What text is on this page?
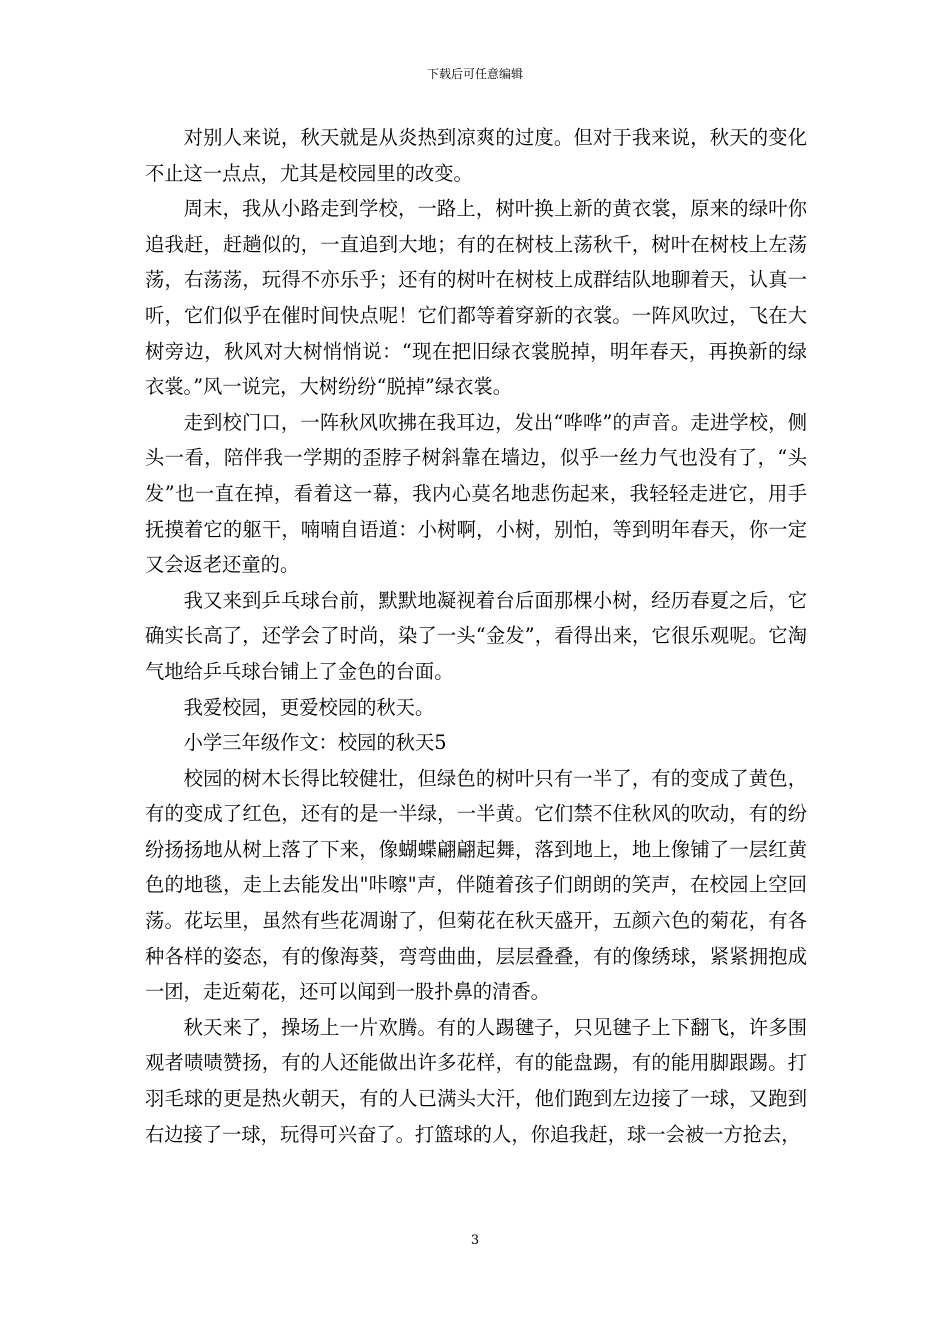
下载后可任意编辑

对别人来说，秋天就是从炎热到凉爽的过度。但对于我来说，秋天的变化不止这一点点，尤其是校园里的改变。

周末，我从小路走到学校，一路上，树叶换上新的黄衣裳，原来的绿叶你追我赶，赶趟似的，一直追到大地；有的在树枝上荡秋千，树叶在树枝上左荡荡，右荡荡，玩得不亦乐乎；还有的树叶在树枝上成群结队地聊着天，认真一听，它们似乎在催时间快点呢！它们都等着穿新的衣裳。一阵风吹过，飞在大树旁边，秋风对大树悄悄说：“现在把旧绿衣裳脱掉，明年春天，再换新的绿衣裳。”风一说完，大树纷纷“脱掉”绿衣裳。

走到校门口，一阵秋风吹拂在我耳边，发出“哗哗”的声音。走进学校，侧头一看，陪伴我一学期的歪脖子树斜靠在墙边，似乎一丝力气也没有了，“头发”也一直在掉，看着这一幕，我内心莫名地悲伤起来，我轻轻走进它，用手抚摸着它的躯干，喃喃自语道：小树啊，小树，别怕，等到明年春天，你一定又会返老还童的。

我又来到乒乓球台前，默默地凝视着台后面那棵小树，经历春夏之后，它确实长高了，还学会了时尚，染了一头“金发”，看得出来，它很乐观呢。它淘气地给乒乓球台铺上了金色的台面。

我爱校园，更爱校园的秋天。

小学三年级作文：校园的秋天5

校园的树木长得比较健壮，但绿色的树叶只有一半了，有的变成了黄色，有的变成了红色，还有的是一半绿，一半黄。它们禁不住秋风的吹动，有的纷纷扬扬地从树上落了下来，像蝴蝶翩翩起舞，落到地上，地上像铺了一层红黄色的地毯，走上去能发出"咔嚓"声，伴随着孩子们朗朗的笑声，在校园上空回荡。花坛里，虽然有些花凋谢了，但菊花在秋天盛开，五颜六色的菊花，有各种各样的姿态，有的像海葵，弯弯曲曲，层层叠叠，有的像绣球，紧紧拥抱成一团，走近菊花，还可以闻到一股扑鼻的清香。

秋天来了，操场上一片欢腾。有的人踢毽子，只见毽子上下翻飞，许多围观者啧啧赞扬，有的人还能做出许多花样，有的能盘踢，有的能用脚跟踢。打羽毛球的更是热火朝天，有的人已满头大汗，他们跑到左边接了一球，又跑到右边接了一球，玩得可兴奋了。打篮球的人，你追我赶，球一会被一方抢去，

3
